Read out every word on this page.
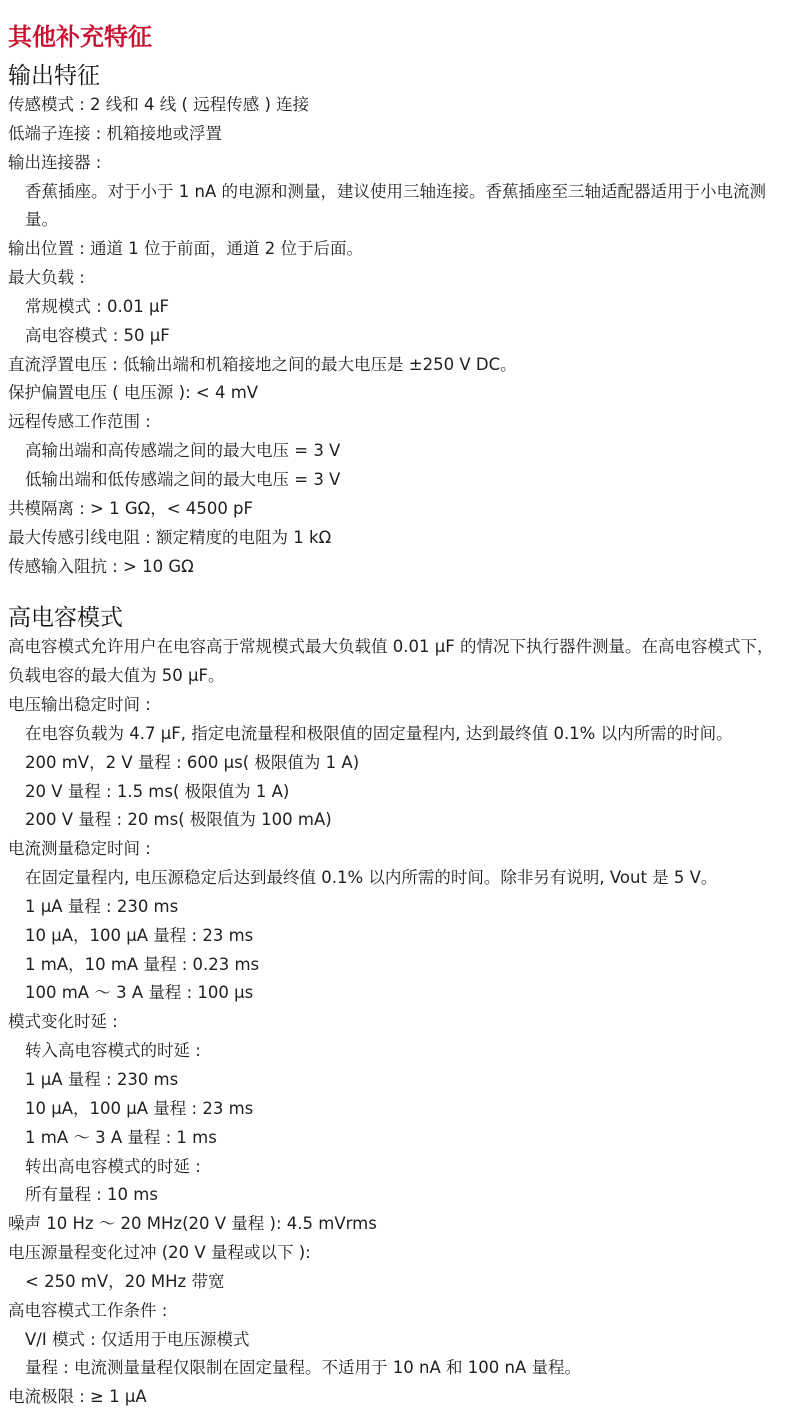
其他补充特征
输出特征

传感模式 : 2 线和 4 线 ( 远程传感 ) 连接

低端子连接 : 机箱接地或浮置

输出连接器 :

香蕉插座。对于小于 1 nA 的电源和测量，建议使用三轴连接。香蕉插座至三轴适配器适用于小电流测量。

输出位置 : 通道 1 位于前面，通道 2 位于后面。

最大负载 :

常规模式 : 0.01 µF

高电容模式 : 50 µF

直流浮置电压 : 低输出端和机箱接地之间的最大电压是 ±250 V DC。

保护偏置电压 ( 电压源 ): < 4 mV

远程传感工作范围 :

高输出端和高传感端之间的最大电压 = 3 V

低输出端和低传感端之间的最大电压 = 3 V

共模隔离 : > 1 GΩ，< 4500 pF

最大传感引线电阻 : 额定精度的电阻为 1 kΩ

传感输入阻抗 : > 10 GΩ

高电容模式

高电容模式允许用户在电容高于常规模式最大负载值 0.01 µF 的情况下执行器件测量。在高电容模式下，负载电容的最大值为 50 µF。

电压输出稳定时间 :

在电容负载为 4.7 µF, 指定电流量程和极限值的固定量程内, 达到最终值 0.1% 以内所需的时间。

200 mV，2 V 量程 : 600 µs( 极限值为 1 A)

20 V 量程 : 1.5 ms( 极限值为 1 A)

200 V 量程 : 20 ms( 极限值为 100 mA)

电流测量稳定时间 :

在固定量程内, 电压源稳定后达到最终值 0.1% 以内所需的时间。除非另有说明, Vout 是 5 V。

1 µA 量程 : 230 ms

10 µA，100 µA 量程 : 23 ms

1 mA，10 mA 量程 : 0.23 ms

100 mA ～ 3 A 量程 : 100 µs

模式变化时延 :

转入高电容模式的时延 :

1 µA 量程 : 230 ms

10 µA，100 µA 量程 : 23 ms

1 mA ～ 3 A 量程 : 1 ms

转出高电容模式的时延 :

所有量程 : 10 ms

噪声 10 Hz ～ 20 MHz(20 V 量程 ): 4.5 mVrms

电压源量程变化过冲 (20 V 量程或以下 ):

< 250 mV，20 MHz 带宽

高电容模式工作条件 :

V/I 模式 : 仅适用于电压源模式

量程 : 电流测量量程仅限制在固定量程。不适用于 10 nA 和 100 nA 量程。

电流极限 : ≥ 1 µA
